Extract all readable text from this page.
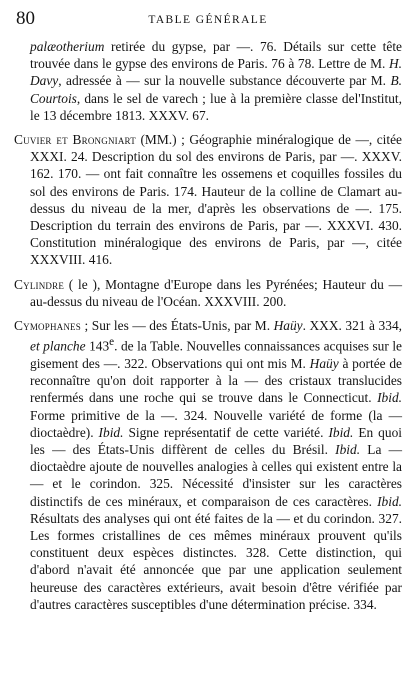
80	TABLE GÉNÉRALE

palæotherium retirée du gypse, par —. 76. Détails sur cette tête trouvée dans le gypse des environs de Paris. 76 à 78. Lettre de M. H. Davy, adressée à — sur la nouvelle substance découverte par M. B. Courtois, dans le sel de varech ; lue à la première classe del'Institut, le 13 décembre 1813. XXXV. 67.

Cuvier et Brongniart (MM.) ; Géographie minéralogique de —, citée XXXI. 24. Description du sol des environs de Paris, par —. XXXV. 162. 170. — ont fait connaître les ossemens et coquilles fossiles du sol des environs de Paris. 174. Hauteur de la colline de Clamart au-dessus du niveau de la mer, d'après les observations de —. 175. Description du terrain des environs de Paris, par —. XXXVI. 430. Constitution minéralogique des environs de Paris, par —, citée XXXVIII. 416.

Cylindre ( le ), Montagne d'Europe dans les Pyrénées; Hauteur du — au-dessus du niveau de l'Océan. XXXVIII. 200.

Cymophanes ; Sur les — des États-Unis, par M. Haüy. XXX. 321 à 334, et planche 143e. de la Table. Nouvelles connaissances acquises sur le gisement des —. 322. Observations qui ont mis M. Haüy à portée de reconnaître qu'on doit rapporter à la — des cristaux translucides renfermés dans une roche qui se trouve dans le Connecticut. Ibid. Forme primitive de la —. 324. Nouvelle variété de forme (la — dioctaèdre). Ibid. Signe représentatif de cette variété. Ibid. En quoi les — des États-Unis diffèrent de celles du Brésil. Ibid. La — dioctaèdre ajoute de nouvelles analogies à celles qui existent entre la — et le corindon. 325. Nécessité d'insister sur les caractères distinctifs de ces minéraux, et comparaison de ces caractères. Ibid. Résultats des analyses qui ont été faites de la — et du corindon. 327. Les formes cristallines de ces mêmes minéraux prouvent qu'ils constituent deux espèces distinctes. 328. Cette distinction, qui d'abord n'avait été annoncée que par une application seulement heureuse des caractères extérieurs, avait besoin d'être vérifiée par d'autres caractères susceptibles d'une détermination précise. 334.
